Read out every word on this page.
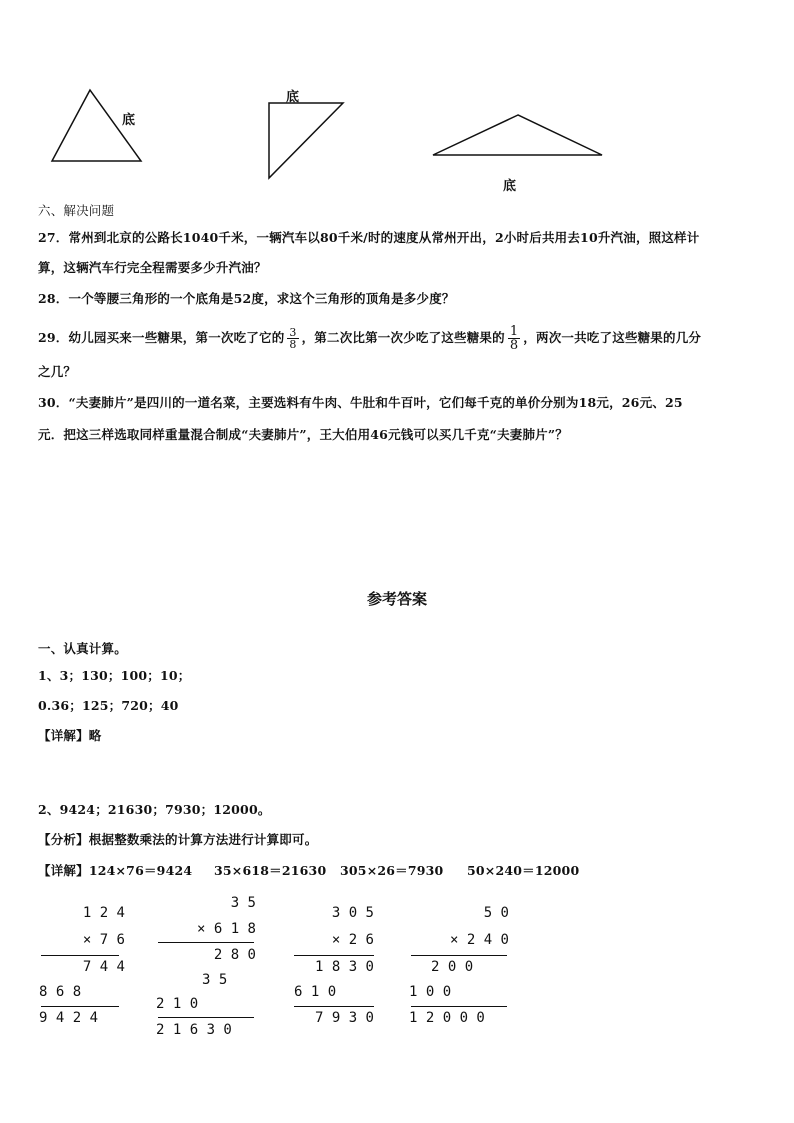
底
底
底
六、解决问题
27．常州到北京的公路长1040千米，一辆汽车以80千米/时的速度从常州开出，2小时后共用去10升汽油，照这样计
算，这辆汽车行完全程需要多少升汽油？
28．一个等腰三角形的一个底角是52度，求这个三角形的顶角是多少度？
29．幼儿园买来一些糖果，第一次吃了它的 $\frac{3}{8}$ ，第二次比第一次少吃了这些糖果的 $\frac{1}{8}$ ，两次一共吃了这些糖果的几分
之几？
30．“夫妻肺片”是四川的一道名菜，主要选料有牛肉、牛肚和牛百叶，它们每千克的单价分别为18元，26元、25
元．把这三样选取同样重量混合制成“夫妻肺片”，王大伯用46元钱可以买几千克“夫妻肺片”？
参考答案
一、认真计算。
1、3；130；100；10；
0.36；125；720；40
【详解】略
2、9424；21630；7930；12000。
【分析】根据整数乘法的计算方法进行计算即可。
【详解】124×76＝9424 35×618＝21630 305×26＝7930 50×240＝12000
1 2 4
× 7 6
7 4 4
8 6 8
9 4 2 4
3 5
× 6 1 8
2 8 0
3 5
2 1 0
2 1 6 3 0
3 0 5
× 2 6
1 8 3 0
6 1 0
7 9 3 0
5 0
× 2 4 0
2 0 0
1 0 0
1 2 0 0 0
